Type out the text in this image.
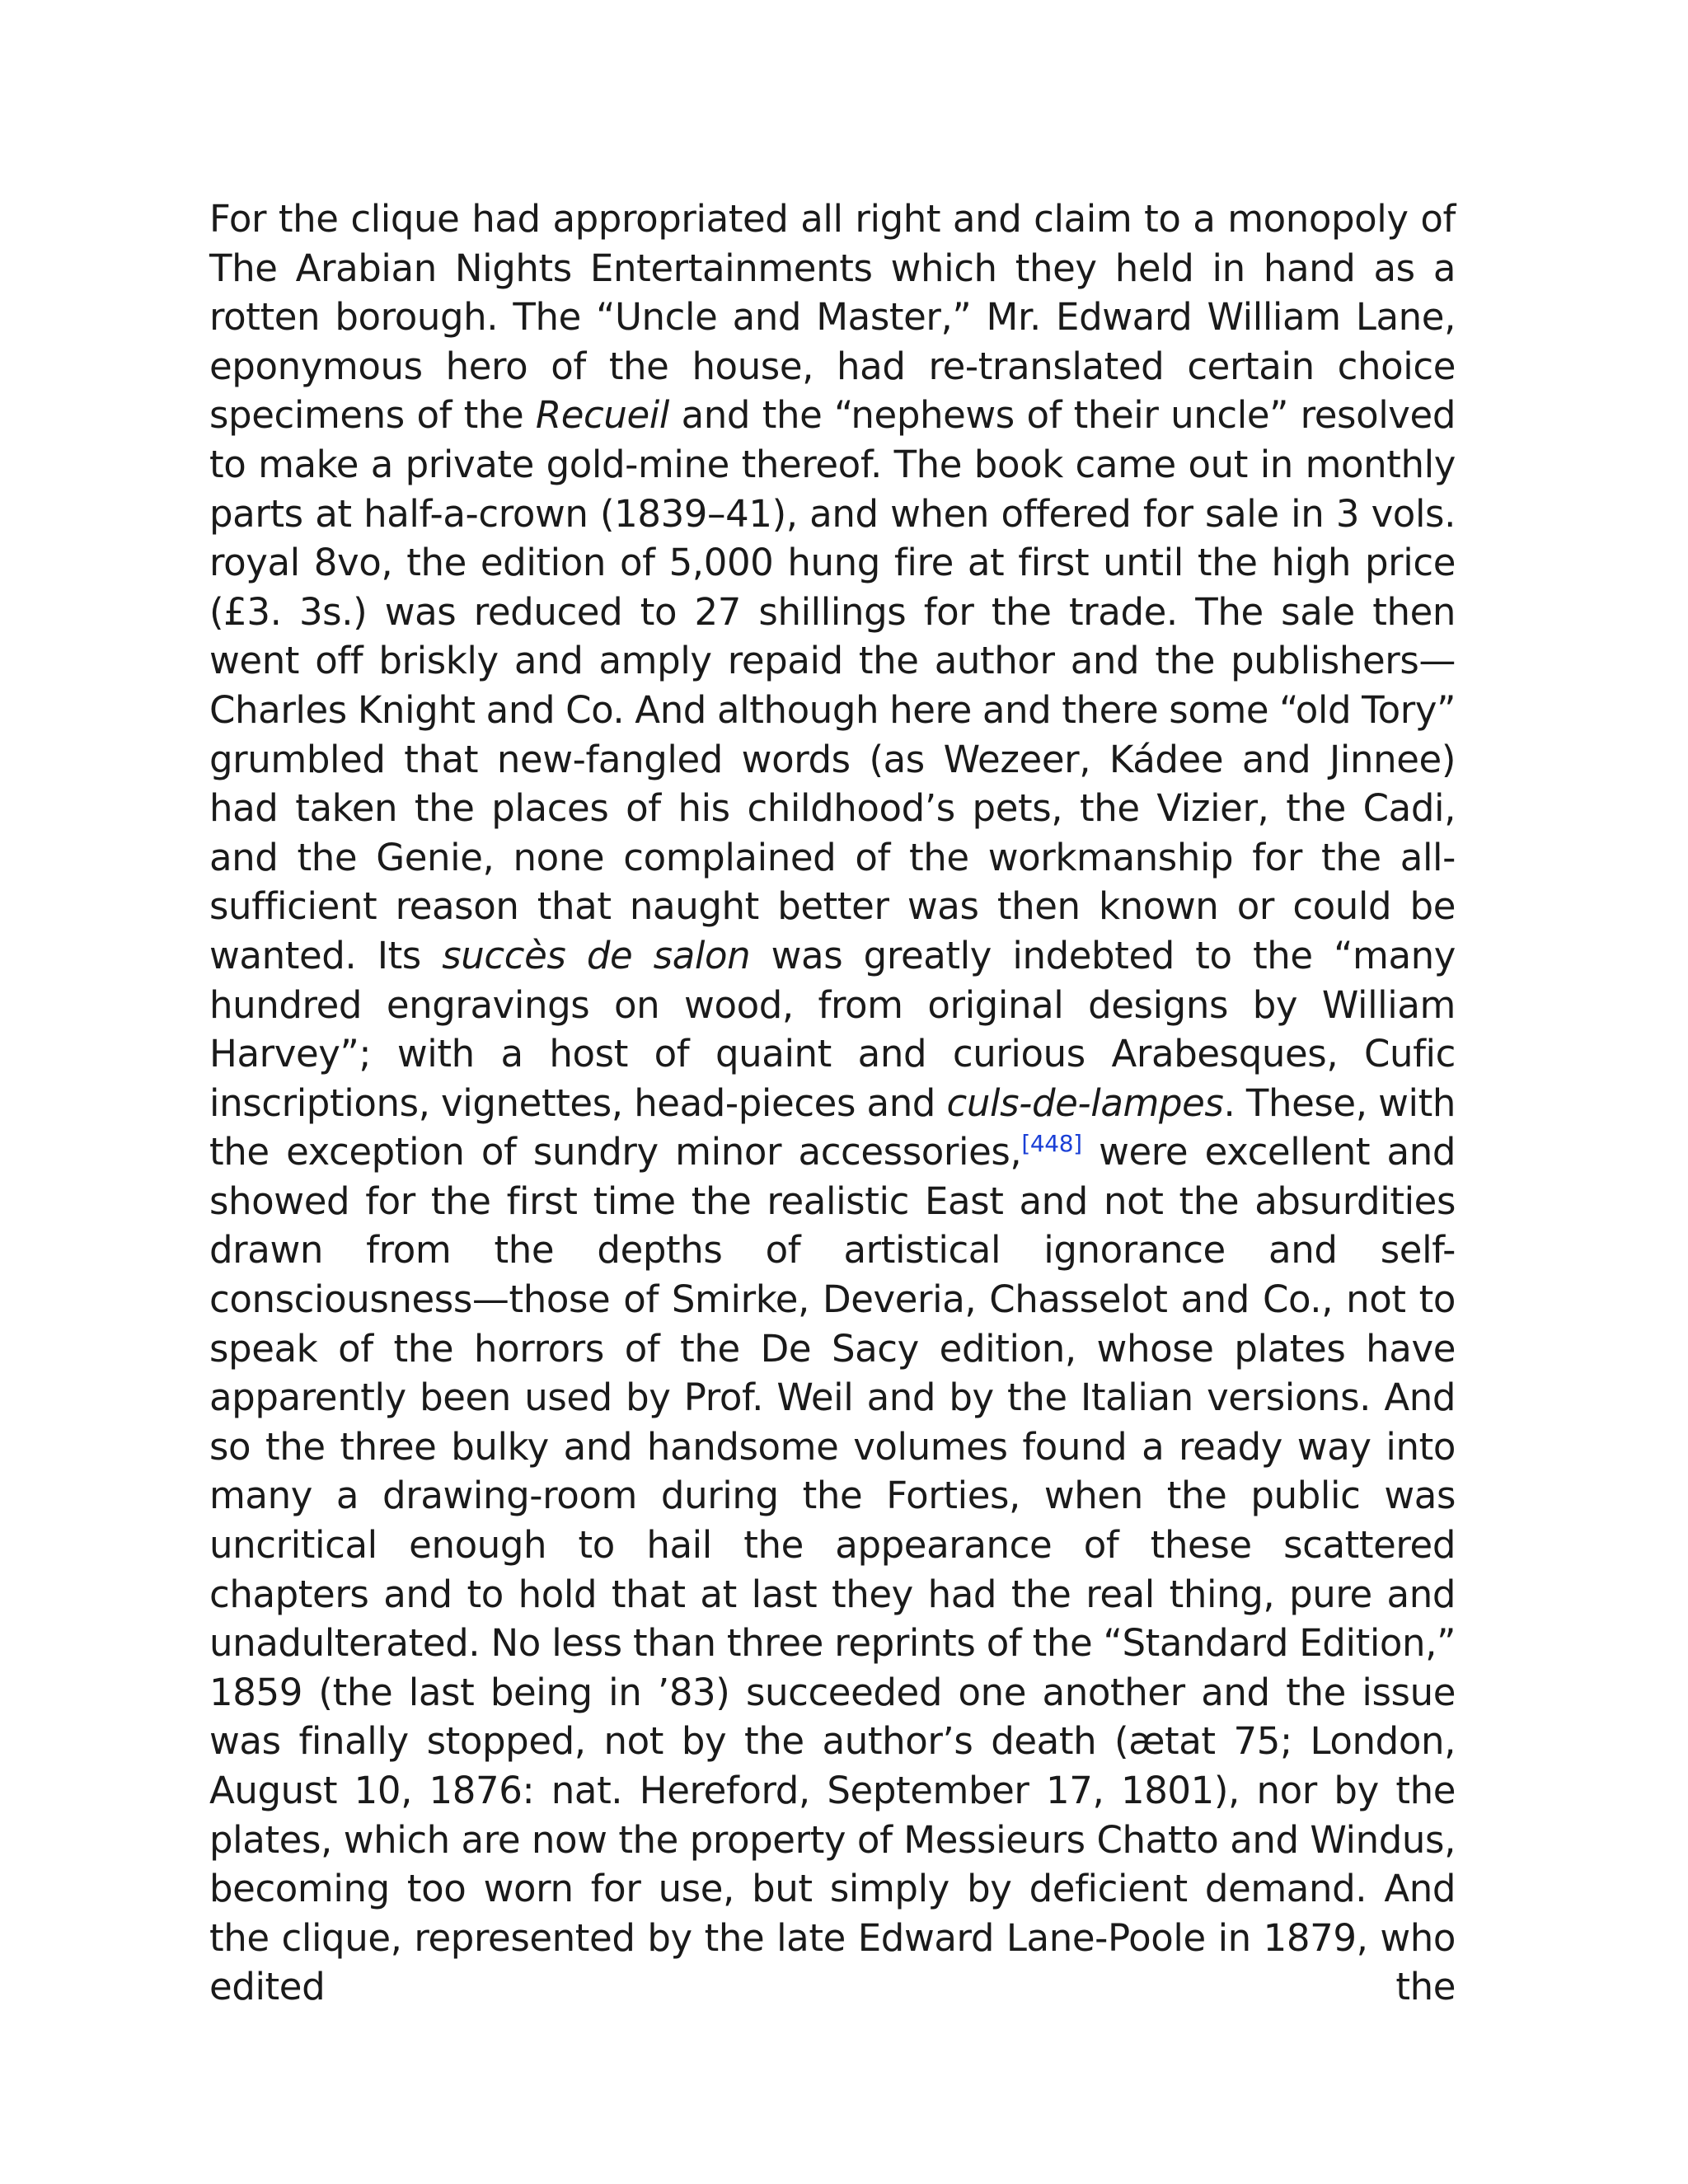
For the clique had appropriated all right and claim to a monopoly of The Arabian Nights Entertainments which they held in hand as a rotten borough. The “Uncle and Master,” Mr. Edward William Lane, eponymous hero of the house, had re-translated certain choice specimens of the Recueil and the “nephews of their uncle” resolved to make a private gold-mine thereof. The book came out in monthly parts at half-a-crown (1839–41), and when offered for sale in 3 vols. royal 8vo, the edition of 5,000 hung fire at first until the high price (£3. 3s.) was reduced to 27 shillings for the trade. The sale then went off briskly and amply repaid the author and the publishers—Charles Knight and Co. And although here and there some “old Tory” grumbled that new-fangled words (as Wezeer, Kádee and Jinnee) had taken the places of his childhood’s pets, the Vizier, the Cadi, and the Genie, none complained of the workmanship for the all-sufficient reason that naught better was then known or could be wanted. Its succès de salon was greatly indebted to the “many hundred engravings on wood, from original designs by William Harvey”; with a host of quaint and curious Arabesques, Cufic inscriptions, vignettes, head-pieces and culs-de-lampes. These, with the exception of sundry minor accessories,[448] were excellent and showed for the first time the realistic East and not the absurdities drawn from the depths of artistical ignorance and self-consciousness—those of Smirke, Deveria, Chasselot and Co., not to speak of the horrors of the De Sacy edition, whose plates have apparently been used by Prof. Weil and by the Italian versions. And so the three bulky and handsome volumes found a ready way into many a drawing-room during the Forties, when the public was uncritical enough to hail the appearance of these scattered chapters and to hold that at last they had the real thing, pure and unadulterated. No less than three reprints of the “Standard Edition,” 1859 (the last being in ’83) succeeded one another and the issue was finally stopped, not by the author’s death (ætat 75; London, August 10, 1876: nat. Hereford, September 17, 1801), nor by the plates, which are now the property of Messieurs Chatto and Windus, becoming too worn for use, but simply by deficient demand. And the clique, represented by the late Edward Lane-Poole in 1879, who edited the
